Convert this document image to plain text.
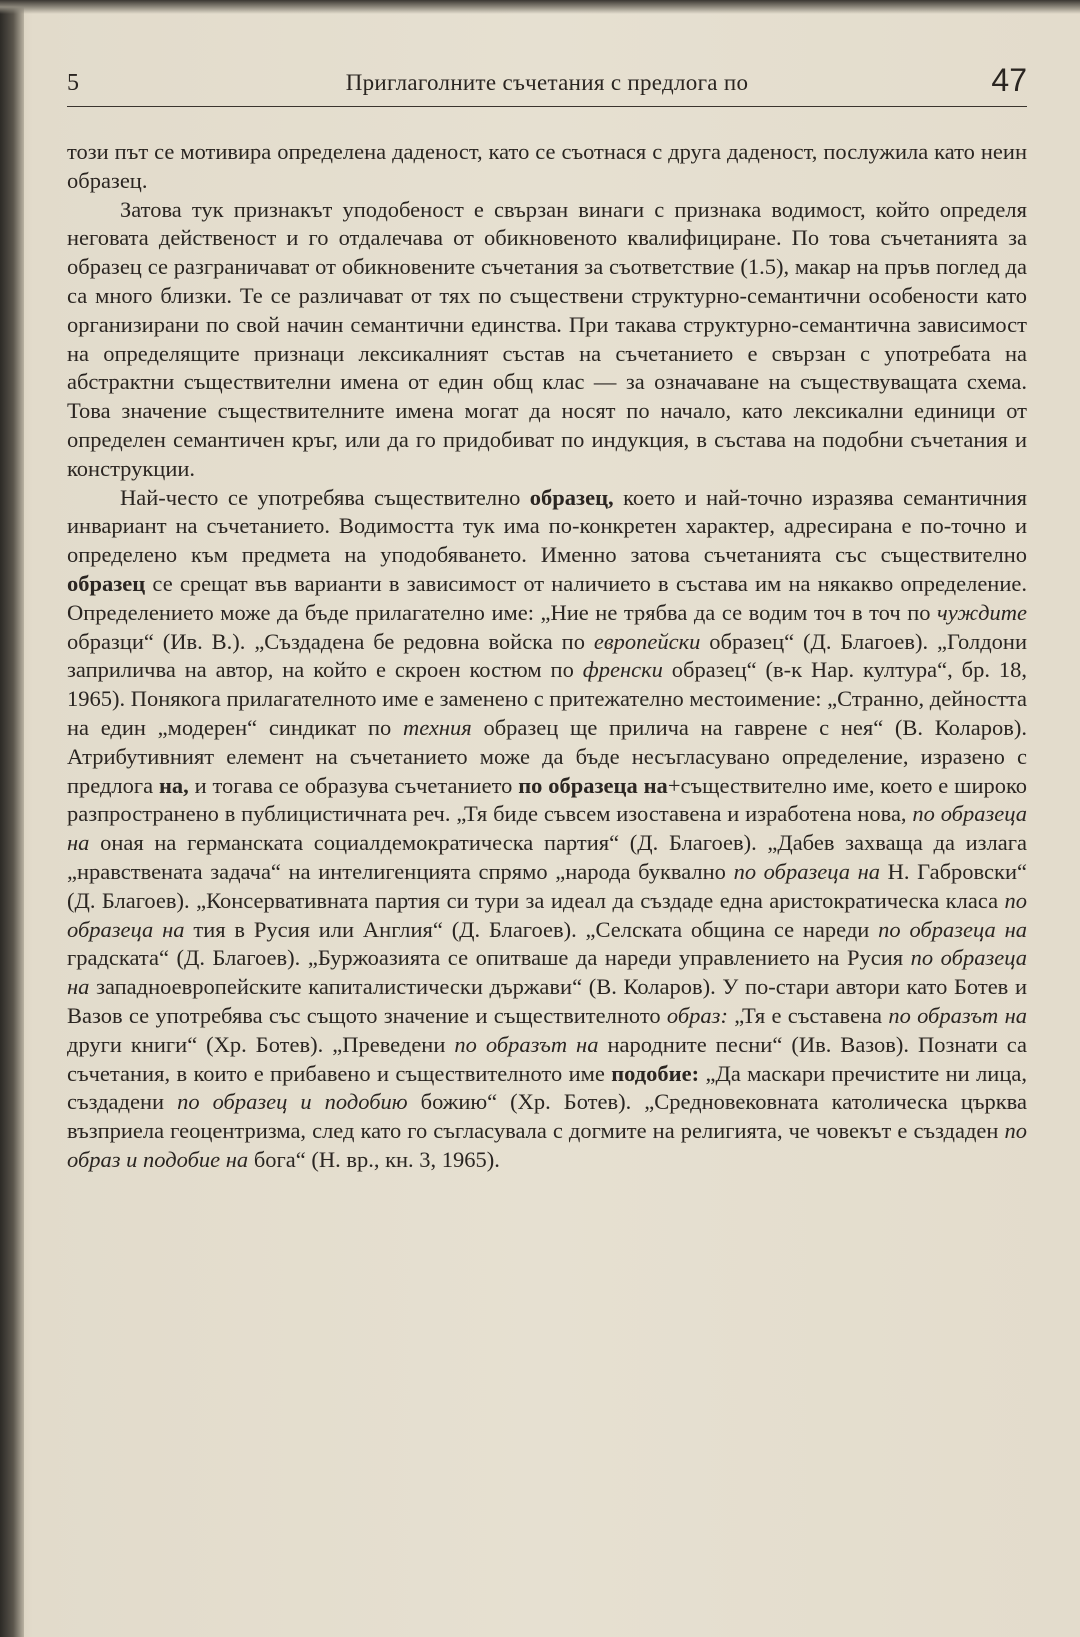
5	Приглаголните съчетания с предлога по	47

този път се мотивира определена даденост, като се съотнася с друга даденост, послужила като неин образец.

Затова тук признакът уподобеност е свързан винаги с признака водимост, който определя неговата действеност и го отдалечава от обикновеното квалифициране. По това съчетанията за образец се разграничават от обикновените съчетания за съответствие (1.5), макар на пръв поглед да са много близки. Те се различават от тях по съществени структурно-семантични особености като организирани по свой начин семантични единства. При такава структурно-семантична зависимост на определящите признаци лексикалният състав на съчетанието е свързан с употребата на абстрактни съществителни имена от един общ клас — за означаване на съществуващата схема. Това значение съществителните имена могат да носят по начало, като лексикални единици от определен семантичен кръг, или да го придобиват по индукция, в състава на подобни съчетания и конструкции.

Най-често се употребява съществително образец, което и най-точно изразява семантичния инвариант на съчетанието. Водимостта тук има по-конкретен характер, адресирана е по-точно и определено към предмета на уподобяването. Именно затова съчетанията със съществително образец се срещат във варианти в зависимост от наличието в състава им на някакво определение. Определението може да бъде прилагателно име: „Ние не трябва да се водим точ в точ по чуждите образци“ (Ив. В.). „Създадена бе редовна войска по европейски образец“ (Д. Благоев). „Голдони заприличва на автор, на който е скроен костюм по френски образец“ (в-к Нар. култура“, бр. 18, 1965). Понякога прилагателното име е заменено с притежателно местоимение: „Странно, дейността на един „модерен“ синдикат по техния образец ще прилича на гаврене с нея“ (В. Коларов). Атрибутивният елемент на съчетанието може да бъде несъгласувано определение, изразено с предлога на, и тогава се образува съчетанието по образеца на+съществително име, което е широко разпространено в публицистичната реч. „Тя биде съвсем изоставена и изработена нова, по образеца на оная на германската социалдемократическа партия“ (Д. Благоев). „Дабев захваща да излага „нравствената задача“ на интелигенцията спрямо „народа буквално по образеца на Н. Габровски“ (Д. Благоев). „Консервативната партия си тури за идеал да създаде една аристократическа класа по образеца на тия в Русия или Англия“ (Д. Благоев). „Селската община се нареди по образеца на градската“ (Д. Благоев). „Буржоазията се опитваше да нареди управлението на Русия по образеца на западноевропейските капиталистически държави“ (В. Коларов). У по-стари автори като Ботев и Вазов се употребява със същото значение и съществителното образ: „Тя е съставена по образът на други книги“ (Хр. Ботев). „Преведени по образът на народните песни“ (Ив. Вазов). Познати са съчетания, в които е прибавено и съществителното име подобие: „Да маскари пречистите ни лица, създадени по образец и подобию божию“ (Хр. Ботев). „Средновековната католическа църква възприела геоцентризма, след като го съгласувала с догмите на религията, че човекът е създаден по образ и подобие на бога“ (Н. вр., кн. 3, 1965).
